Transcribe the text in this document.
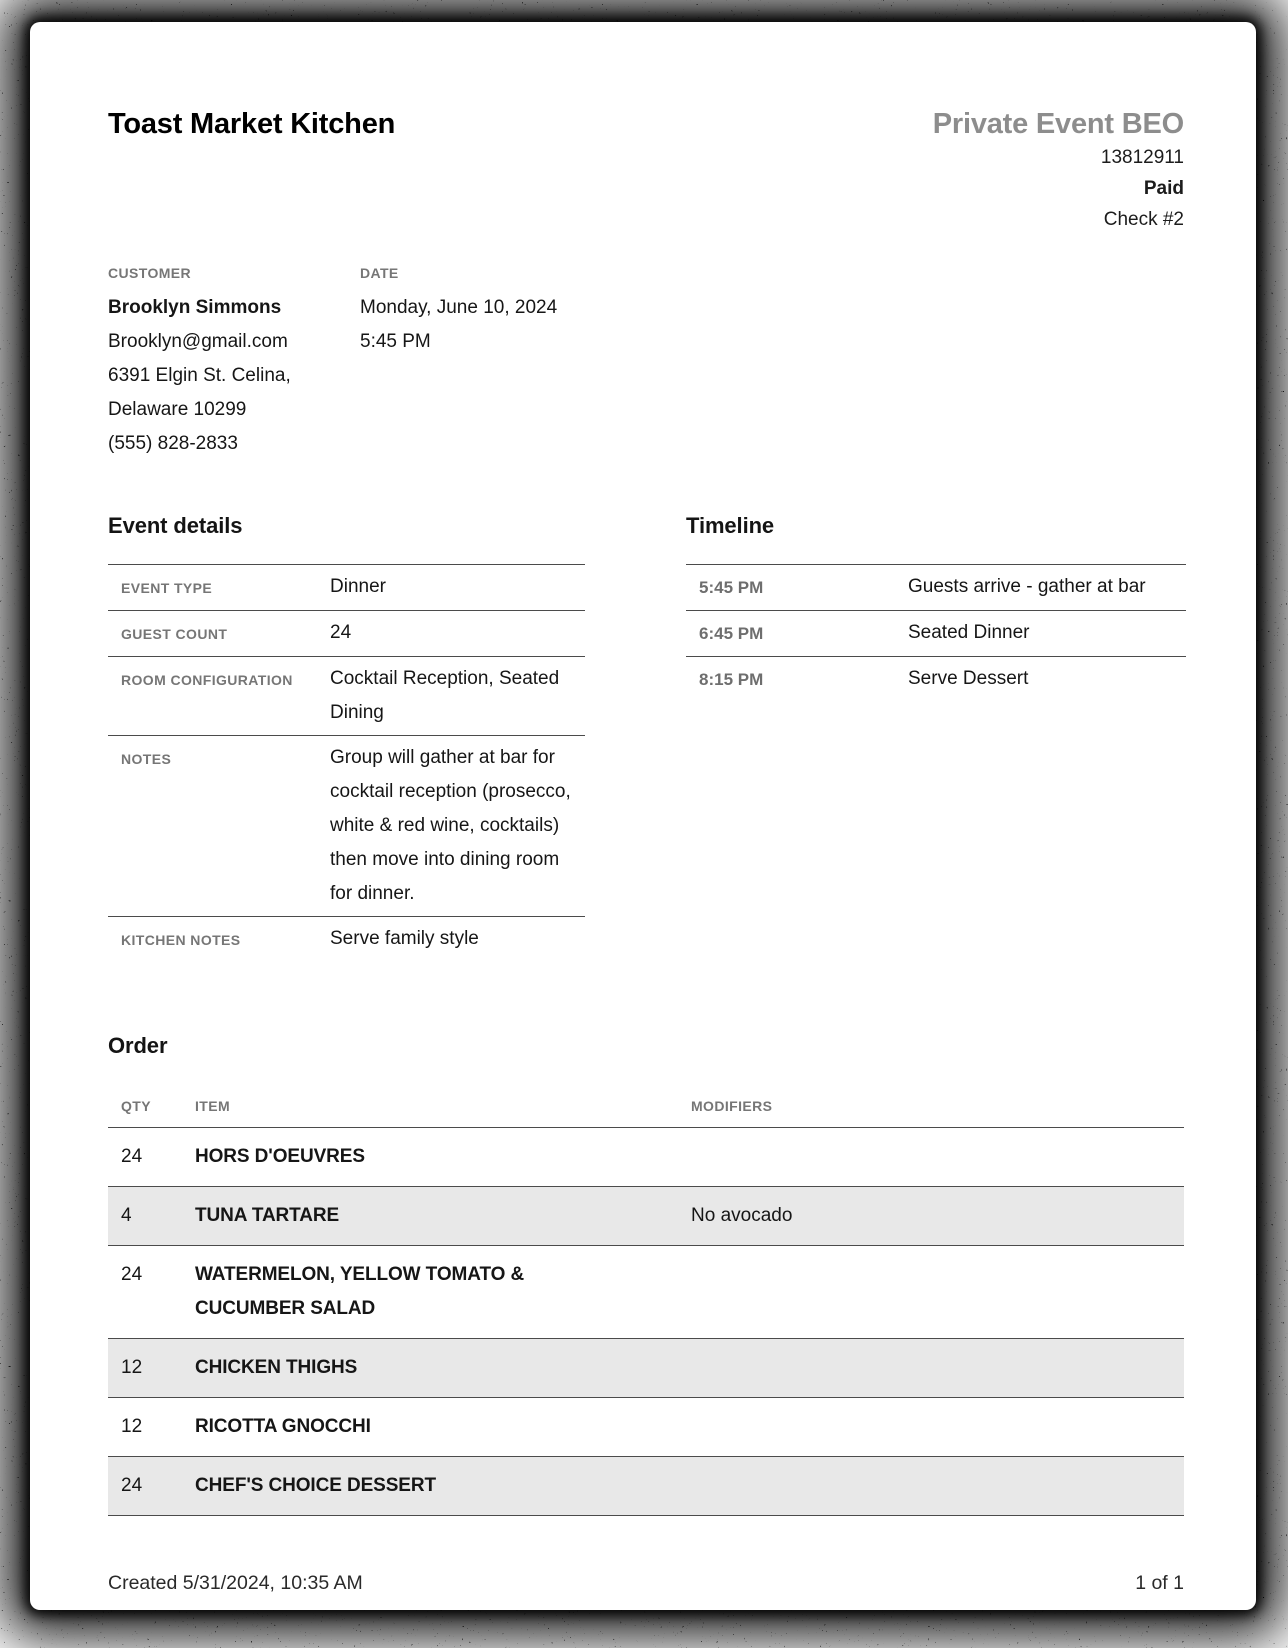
Toast Market Kitchen	Private Event BEO
13812911
Paid
Check #2
CUSTOMER
Brooklyn Simmons
Brooklyn@gmail.com
6391 Elgin St. Celina,
Delaware 10299
(555) 828-2833
DATE
Monday, June 10, 2024
5:45 PM
Event details
EVENT TYPE	Dinner
GUEST COUNT	24
ROOM CONFIGURATION	Cocktail Reception, Seated Dining
NOTES	Group will gather at bar for cocktail reception (prosecco, white & red wine, cocktails) then move into dining room for dinner.
KITCHEN NOTES	Serve family style
Timeline
5:45 PM	Guests arrive - gather at bar
6:45 PM	Seated Dinner
8:15 PM	Serve Dessert
Order
QTY	ITEM	MODIFIERS
24	HORS D'OEUVRES
4	TUNA TARTARE	No avocado
24	WATERMELON, YELLOW TOMATO & CUCUMBER SALAD
12	CHICKEN THIGHS
12	RICOTTA GNOCCHI
24	CHEF'S CHOICE DESSERT
Created 5/31/2024, 10:35 AM	1 of 1
